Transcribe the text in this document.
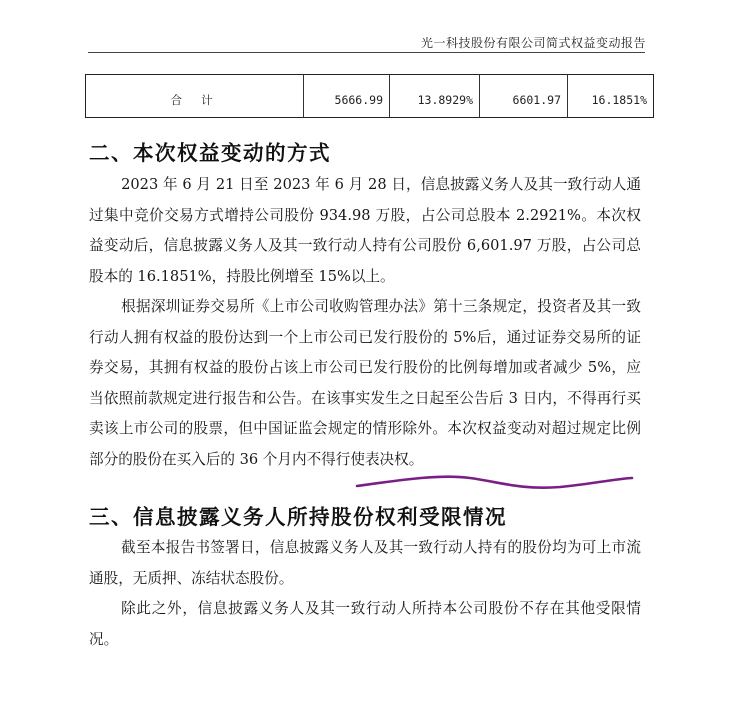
光一科技股份有限公司简式权益变动报告
合 计	5666.99	13.8929%	6601.97	16.1851%
二、本次权益变动的方式

2023 年 6 月 21 日至 2023 年 6 月 28 日，信息披露义务人及其一致行动人通过集中竞价交易方式增持公司股份 934.98 万股，占公司总股本 2.2921%。本次权益变动后，信息披露义务人及其一致行动人持有公司股份 6,601.97 万股，占公司总股本的 16.1851%，持股比例增至 15%以上。

根据深圳证券交易所《上市公司收购管理办法》第十三条规定，投资者及其一致行动人拥有权益的股份达到一个上市公司已发行股份的 5%后，通过证券交易所的证券交易，其拥有权益的股份占该上市公司已发行股份的比例每增加或者减少 5%，应当依照前款规定进行报告和公告。在该事实发生之日起至公告后 3 日内，不得再行买卖该上市公司的股票，但中国证监会规定的情形除外。本次权益变动对超过规定比例部分的股份在买入后的 36 个月内不得行使表决权。

三、信息披露义务人所持股份权利受限情况

截至本报告书签署日，信息披露义务人及其一致行动人持有的股份均为可上市流通股，无质押、冻结状态股份。

除此之外，信息披露义务人及其一致行动人所持本公司股份不存在其他受限情况。
